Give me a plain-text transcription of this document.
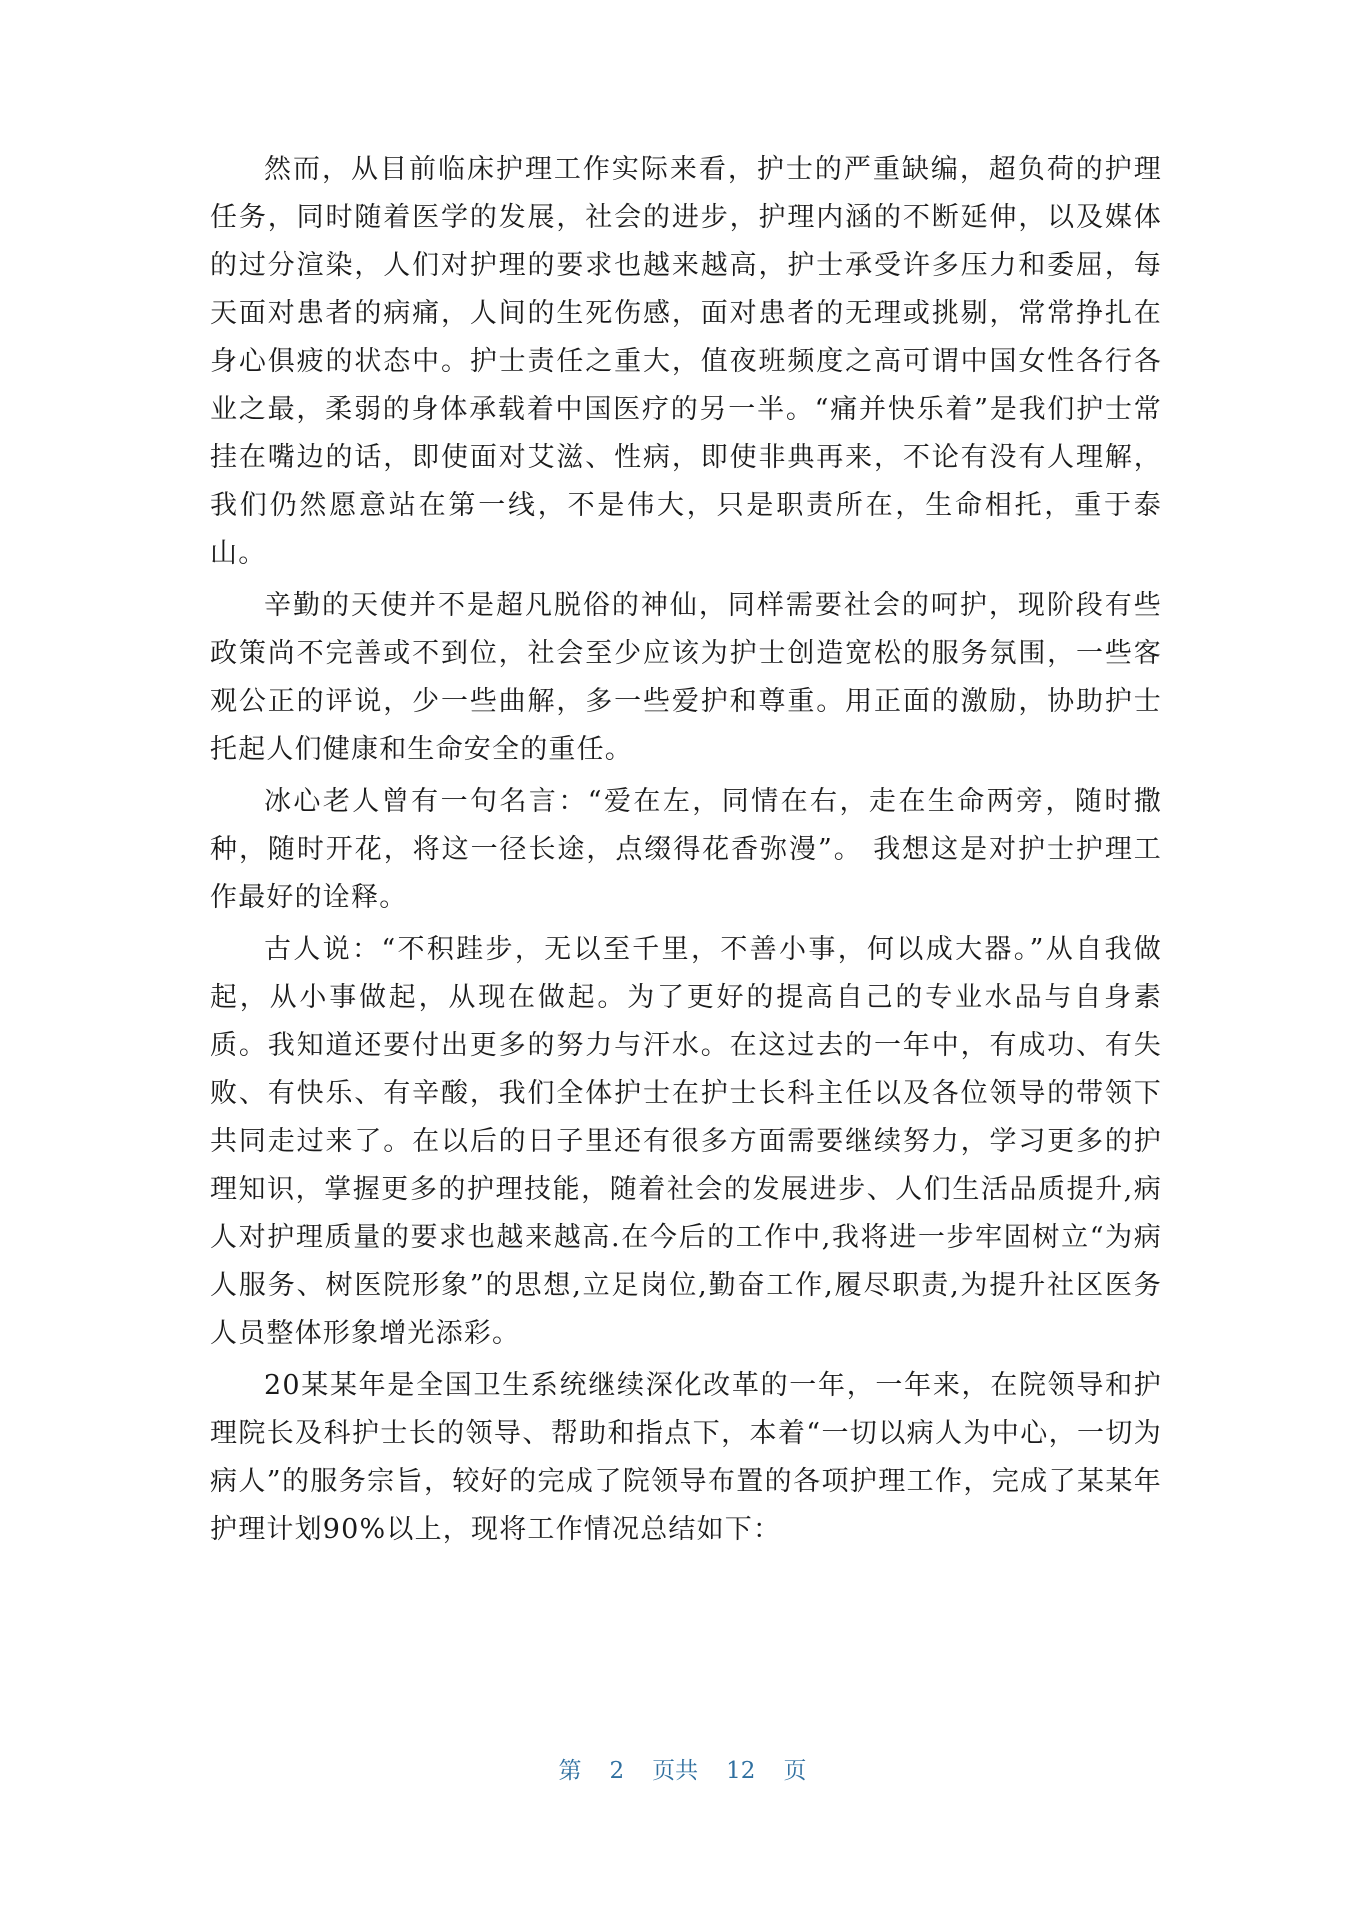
然而，从目前临床护理工作实际来看，护士的严重缺编，超负荷的护理任务，同时随着医学的发展，社会的进步，护理内涵的不断延伸，以及媒体的过分渲染，人们对护理的要求也越来越高，护士承受许多压力和委屈，每天面对患者的病痛，人间的生死伤感，面对患者的无理或挑剔，常常挣扎在身心俱疲的状态中。护士责任之重大，值夜班频度之高可谓中国女性各行各业之最，柔弱的身体承载着中国医疗的另一半。“痛并快乐着”是我们护士常挂在嘴边的话，即使面对艾滋、性病，即使非典再来，不论有没有人理解，我们仍然愿意站在第一线，不是伟大，只是职责所在，生命相托，重于泰山。

辛勤的天使并不是超凡脱俗的神仙，同样需要社会的呵护，现阶段有些政策尚不完善或不到位，社会至少应该为护士创造宽松的服务氛围，一些客观公正的评说，少一些曲解，多一些爱护和尊重。用正面的激励，协助护士托起人们健康和生命安全的重任。

冰心老人曾有一句名言：“爱在左，同情在右，走在生命两旁，随时撒种，随时开花，将这一径长途，点缀得花香弥漫”。 我想这是对护士护理工作最好的诠释。

古人说：“不积跬步，无以至千里，不善小事，何以成大器。”从自我做起，从小事做起，从现在做起。为了更好的提高自己的专业水品与自身素质。我知道还要付出更多的努力与汗水。在这过去的一年中，有成功、有失败、有快乐、有辛酸，我们全体护士在护士长科主任以及各位领导的带领下共同走过来了。在以后的日子里还有很多方面需要继续努力，学习更多的护理知识，掌握更多的护理技能，随着社会的发展进步、人们生活品质提升,病人对护理质量的要求也越来越高.在今后的工作中,我将进一步牢固树立“为病人服务、树医院形象”的思想,立足岗位,勤奋工作,履尽职责,为提升社区医务人员整体形象增光添彩。

20某某年是全国卫生系统继续深化改革的一年，一年来，在院领导和护理院长及科护士长的领导、帮助和指点下，本着“一切以病人为中心，一切为病人”的服务宗旨，较好的完成了院领导布置的各项护理工作，完成了某某年护理计划90%以上，现将工作情况总结如下：

第 2 页共 12 页
